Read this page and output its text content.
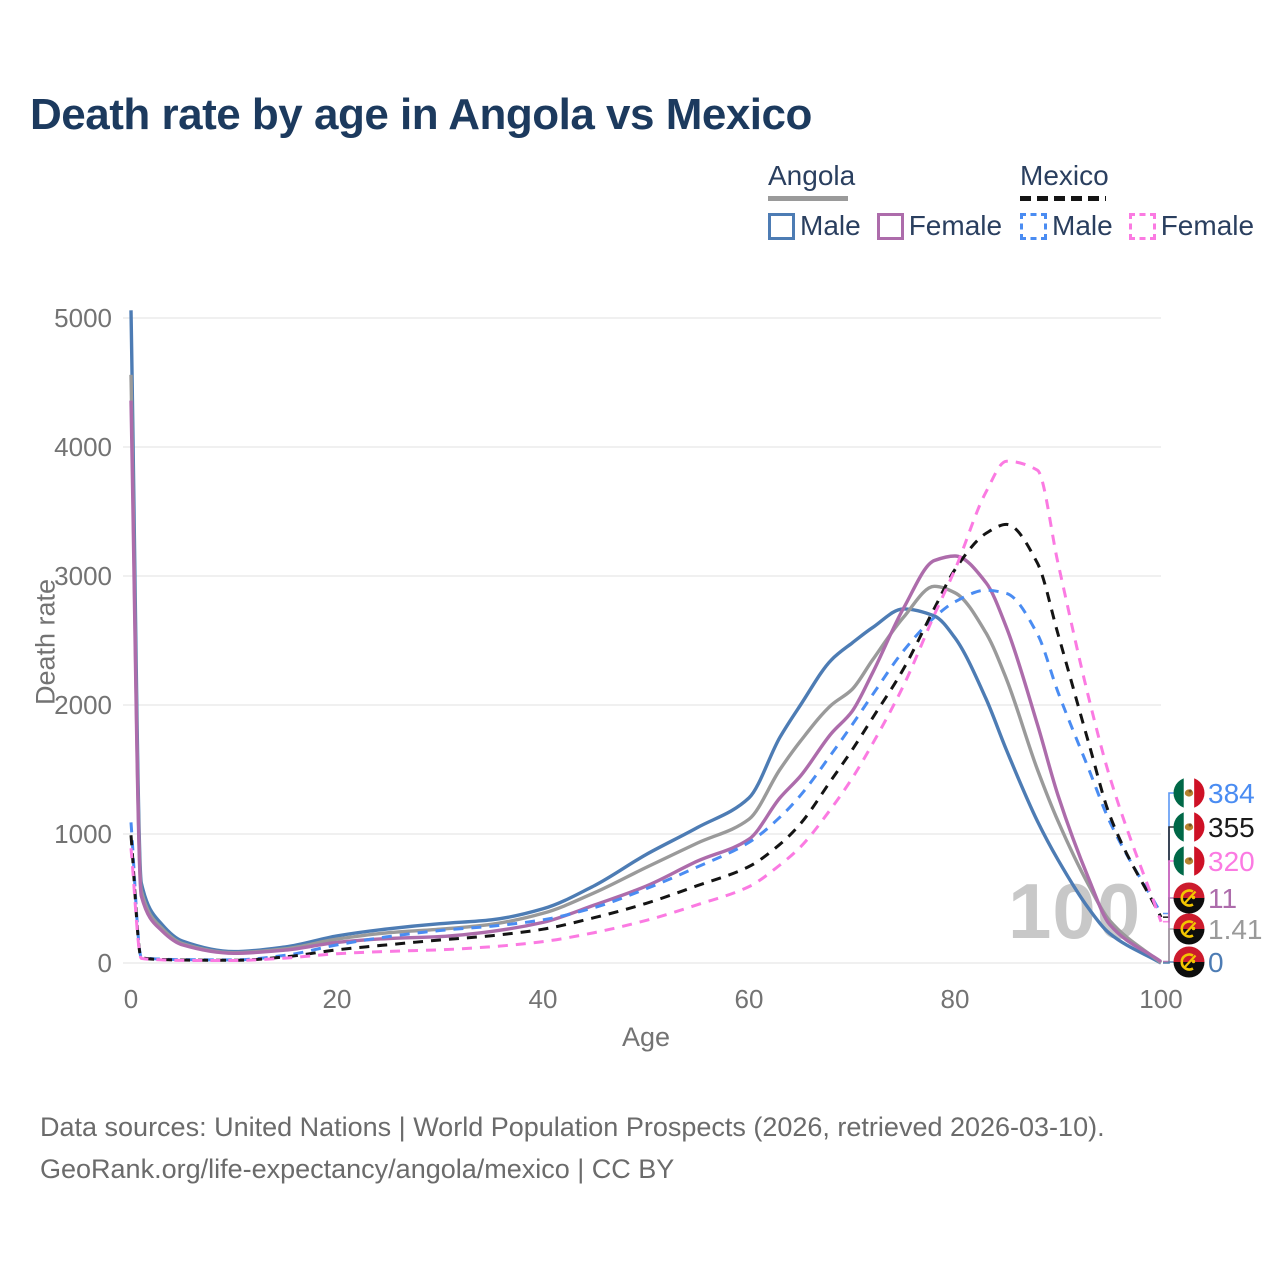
Death rate by age in Angola vs Mexico
Angola
Male Female
Mexico
Male Female
100
0
1000
2000
3000
4000
5000
0	20	40	60	80	100
384
355
320
11
1.41
0
Age
Death rate
Data sources: United Nations | World Population Prospects (2026, retrieved 2026-03-10).
GeoRank.org/life-expectancy/angola/mexico | CC BY
